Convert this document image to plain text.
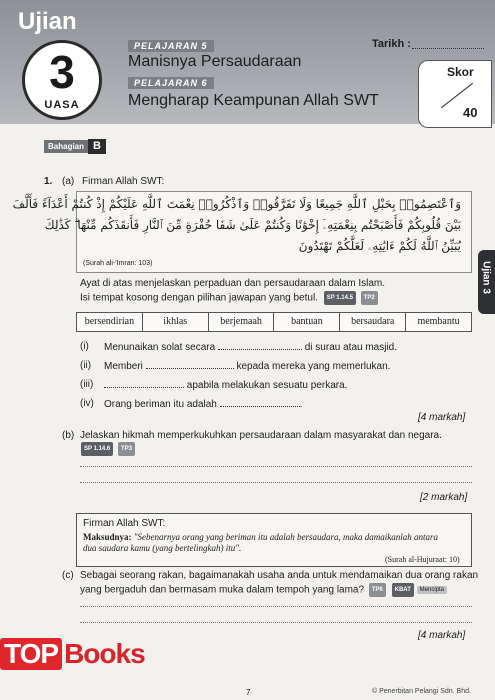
Ujian
3
UASA
PELAJARAN 5
Manisnya Persaudaraan
PELAJARAN 6
Mengharap Keampunan Allah SWT
Tarikh :
Skor
40
Bahagian B
Ujian 3
1. (a) Firman Allah SWT:
وَٱعْتَصِمُوا۟ بِحَبْلِ ٱللَّهِ جَمِيعًا وَلَا تَفَرَّقُوا۟ وَٱذْكُرُوا۟ نِعْمَتَ ٱللَّهِ عَلَيْكُمْ إِذْ كُنتُمْ أَعْدَآءً فَأَلَّفَ
بَيْنَ قُلُوبِكُمْ فَأَصْبَحْتُم بِنِعْمَتِهِۦٓ إِخْوَٰنًا وَكُنتُمْ عَلَىٰ شَفَا حُفْرَةٍ مِّنَ ٱلنَّارِ فَأَنقَذَكُم مِّنْهَا ۗ كَذَٰلِكَ
يُبَيِّنُ ٱللَّهُ لَكُمْ ءَايَٰتِهِۦ لَعَلَّكُمْ تَهْتَدُونَ
(Surah ali-'Imran: 103)
Ayat di atas menjelaskan perpaduan dan persaudaraan dalam Islam.
Isi tempat kosong dengan pilihan jawapan yang betul. SP 1.14.5 TP2
bersendirian	ikhlas	berjemaah	bantuan	bersaudara	membantu
(i) Menunaikan solat secara	di surau atau masjid.
(ii) Memberi	kepada mereka yang memerlukan.
(iii)	apabila melakukan sesuatu perkara.
(iv) Orang beriman itu adalah	.
[4 markah]
(b) Jelaskan hikmah memperkukuhkan persaudaraan dalam masyarakat dan negara.
SP 1.14.6 TP3
[2 markah]
Firman Allah SWT:
Maksudnya: "Sebenarnya orang yang beriman itu adalah bersaudara, maka damaikanlah antara
dua saudara kamu (yang bertelingkah) itu".
(Surah al-Hujuraat: 10)
(c) Sebagai seorang rakan, bagaimanakah usaha anda untuk mendamaikan dua orang rakan
yang bergaduh dan bermasam muka dalam tempoh yang lama? TP6 KBAT Mencipta
[4 markah]
TOP Books
7	© Penerbitan Pelangi Sdn. Bhd.
